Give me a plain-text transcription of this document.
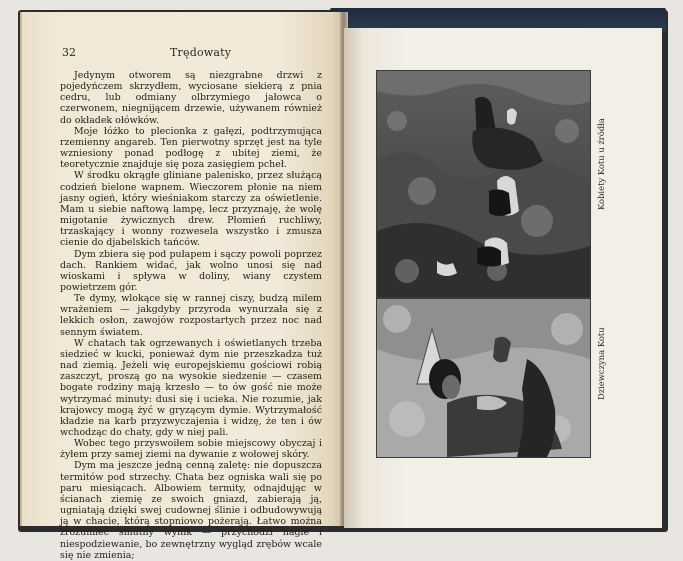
32	Trędowaty

Jedynym otworem są niezgrabne drzwi z pojedyńczem skrzydłem, wyciosane siekierą z pnia cedru, lub odmiany olbrzymiego jałowca o czerwonem, niegnijącem drzewie, używanem również do okładek ołówków.

Moje łóżko to plecionka z gałęzi, podtrzymująca rzemienny angareb. Ten pierwotny sprzęt jest na tyle wzniesiony ponad podłogę z ubitej ziemi, że teoretycznie znajduje się poza zasięgiem pcheł.

W środku okrągłe gliniane palenisko, przez służącą codzień bielone wapnem. Wieczorem płonie na niem jasny ogień, który wieśniakom starczy za oświetlenie. Mam u siebie naftową lampę, lecz przyznaję, że wolę migotanie żywicznych drew. Płomień ruchliwy, trzaskający i wonny rozwesela wszystko i zmusza cienie do djabelskich tańców.

Dym zbiera się pod pułapem i sączy powoli poprzez dach. Rankiem widać, jak wolno unosi się nad wioskami i spływa w doliny, wiany czystem powietrzem gór.

Te dymy, wlokące się w rannej ciszy, budzą milem wrażeniem — jakgdyby przyroda wynurzała się z lekkich osłon, zawojów rozpostartych przez noc nad sennym światem.

W chatach tak ogrzewanych i oświetlanych trzeba siedzieć w kucki, ponieważ dym nie przeszkadza tuż nad ziemią. Jeżeli wię europejskiemu gościowi robią zaszczyt, proszą go na wysokie siedzenie — czasem bogate rodziny mają krzesło — to ów gość nie może wytrzymać minuty: dusi się i ucieka. Nie rozumie, jak krajowcy mogą żyć w gryzącym dymie. Wytrzymałość kładzie na karb przyzwyczajenia i widzę, że ten i ów wchodząc do chaty, gdy w niej pali.

Wobec tego przyswoiłem sobie miejscowy obyczaj i żyłem przy samej ziemi na dywanie z wołowej skóry.

Dym ma jeszcze jedną cenną zaletę: nie dopuszcza termitów pod strzechy. Chata bez ogniska wali się po paru miesiącach. Albowiem termity, odnajdując w ścianach ziemię ze swoich gniazd, zabierają ją, ugniatają dzięki swej cudownej ślinie i odbudowywują ją w chacie, którą stopniowo pożerają. Łatwo można zrozumieć smutny wynik — przychodzi nagle i niespodziewanie, bo zewnętrzny wygląd zrębów wcale się nie zmienia;

Kobiety Kotu u źródła
Dziewczyna Kotu
